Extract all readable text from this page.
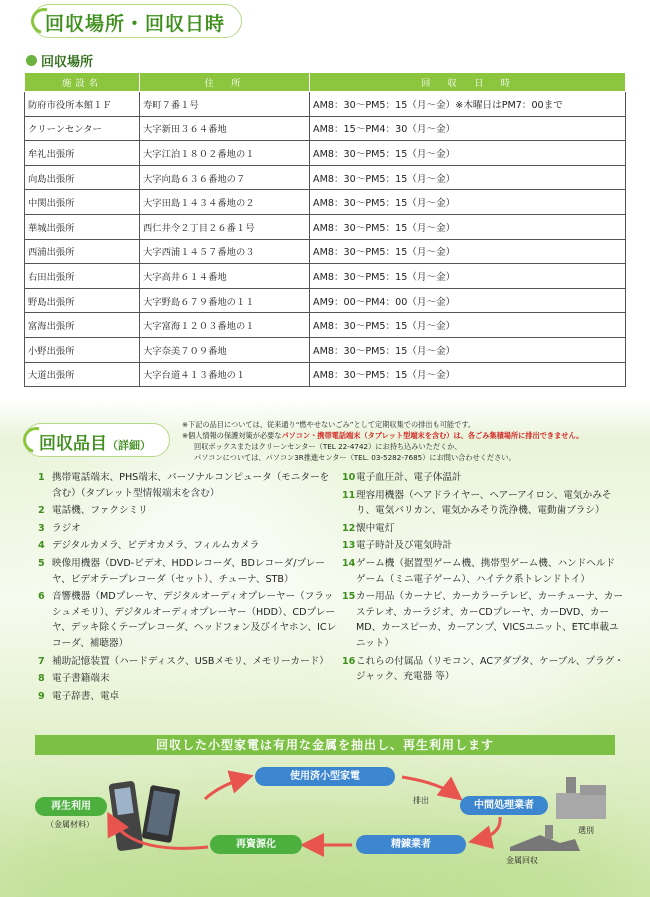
回収場所・回収日時
回収場所
施設名	住　所	回　収　日　時
防府市役所本館１Ｆ	寿町７番１号	AM8：30～PM5：15（月～金）※木曜日はPM7：00まで
クリーンセンター	大字新田３６４番地	AM8：15～PM4：30（月～金）
牟礼出張所	大字江泊１８０２番地の１	AM8：30～PM5：15（月～金）
向島出張所	大字向島６３６番地の７	AM8：30～PM5：15（月～金）
中関出張所	大字田島１４３４番地の２	AM8：30～PM5：15（月～金）
華城出張所	西仁井令２丁目２６番１号	AM8：30～PM5：15（月～金）
西浦出張所	大字西浦１４５７番地の３	AM8：30～PM5：15（月～金）
右田出張所	大字高井６１４番地	AM8：30～PM5：15（月～金）
野島出張所	大字野島６７９番地の１１	AM9：00～PM4：00（月～金）
富海出張所	大字富海１２０３番地の１	AM8：30～PM5：15（月～金）
小野出張所	大字奈美７０９番地	AM8：30～PM5：15（月～金）
大道出張所	大字台道４１３番地の１	AM8：30～PM5：15（月～金）
回収品目（詳細）
※下記の品目については、従来通り“燃やせないごみ”として定期収集での排出も可能です。
※個人情報の保護対策が必要なパソコン・携帯電話端末（タブレット型端末を含む）は、各ごみ集積場所に排出できません。
回収ボックスまたはクリーンセンター（TEL 22-4742）にお持ち込みいただくか、
パソコンについては、パソコン3R推進センター（TEL. 03-5282-7685）にお問い合わせください。
1 携帯電話端末、PHS端末、パーソナルコンピュータ（モニターを含む）（タブレット型情報端末を含む）
2 電話機、ファクシミリ
3 ラジオ
4 デジタルカメラ、ビデオカメラ、フィルムカメラ
5 映像用機器（DVD-ビデオ、HDDレコーダ、BDレコーダ/プレーヤ、ビデオテープレコーダ（セット）、チューナ、STB）
6 音響機器（MDプレーヤ、デジタルオーディオプレーヤー（フラッシュメモリ）、デジタルオーディオプレーヤー（HDD）、CDプレーヤ、デッキ除くテープレコーダ、ヘッドフォン及びイヤホン、ICレコーダ、補聴器）
7 補助記憶装置（ハードディスク、USBメモリ、メモリーカード）
8 電子書籍端末
9 電子辞書、電卓
10 電子血圧計、電子体温計
11 理容用機器（ヘアドライヤー、ヘアーアイロン、電気かみそり、電気バリカン、電気かみそり洗浄機、電動歯ブラシ）
12 懐中電灯
13 電子時計及び電気時計
14 ゲーム機（据置型ゲーム機、携帯型ゲーム機、ハンドヘルドゲーム（ミニ電子ゲーム）、ハイテク系トレンドトイ）
15 カー用品（カーナビ、カーカラーテレビ、カーチューナ、カーステレオ、カーラジオ、カーCDプレーヤ、カーDVD、カーMD、カースピーカ、カーアンプ、VICSユニット、ETC車載ユニット）
16 これらの付属品（リモコン、ACアダプタ、ケーブル、プラグ・ジャック、充電器 等）
回収した小型家電は有用な金属を抽出し、再生利用します
使用済小型家電
中間処理業者
精錬業者
再資源化
再生利用
（金属材料）
排出
選別
金属回収
